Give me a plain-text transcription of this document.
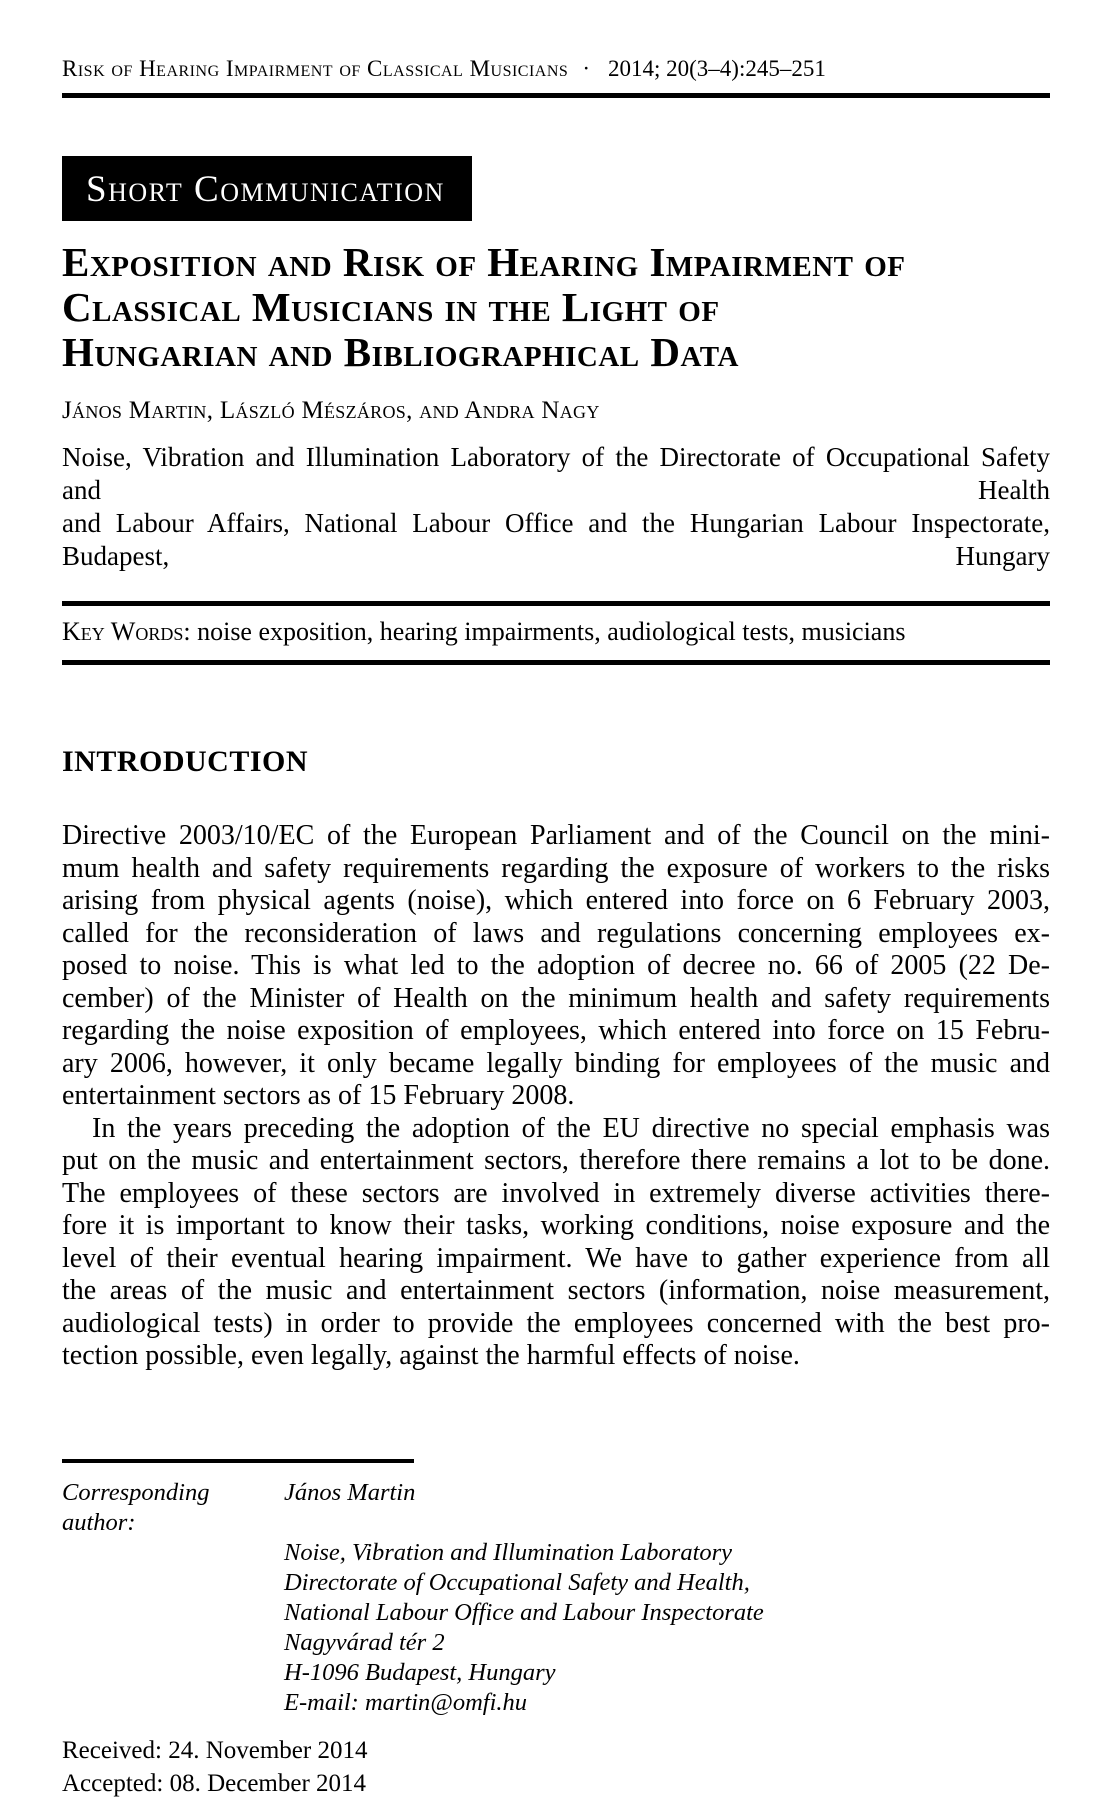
Risk of Hearing Impairment of Classical Musicians · 2014; 20(3–4):245–251
Short Communication
Exposition and Risk of Hearing Impairment of
Classical Musicians in the Light of
Hungarian and Bibliographical Data
János Martin, László Mészáros, and Andra Nagy
Noise, Vibration and Illumination Laboratory of the Directorate of Occupational Safety and Health
and Labour Affairs, National Labour Office and the Hungarian Labour Inspectorate, Budapest, Hungary
Key Words: noise exposition, hearing impairments, audiological tests, musicians
INTRODUCTION
Directive 2003/10/EC of the European Parliament and of the Council on the mini-
mum health and safety requirements regarding the exposure of workers to the risks
arising from physical agents (noise), which entered into force on 6 February 2003,
called for the reconsideration of laws and regulations concerning employees ex-
posed to noise. This is what led to the adoption of decree no. 66 of 2005 (22 De-
cember) of the Minister of Health on the minimum health and safety requirements
regarding the noise exposition of employees, which entered into force on 15 Febru-
ary 2006, however, it only became legally binding for employees of the music and
entertainment sectors as of 15 February 2008.
In the years preceding the adoption of the EU directive no special emphasis was
put on the music and entertainment sectors, therefore there remains a lot to be done.
The employees of these sectors are involved in extremely diverse activities there-
fore it is important to know their tasks, working conditions, noise exposure and the
level of their eventual hearing impairment. We have to gather experience from all
the areas of the music and entertainment sectors (information, noise measurement,
audiological tests) in order to provide the employees concerned with the best pro-
tection possible, even legally, against the harmful effects of noise.
Corresponding author:
János Martin
Noise, Vibration and Illumination Laboratory
Directorate of Occupational Safety and Health,
National Labour Office and Labour Inspectorate
Nagyvárad tér 2
H-1096 Budapest, Hungary
E-mail: martin@omfi.hu
Received: 24. November 2014
Accepted: 08. December 2014
